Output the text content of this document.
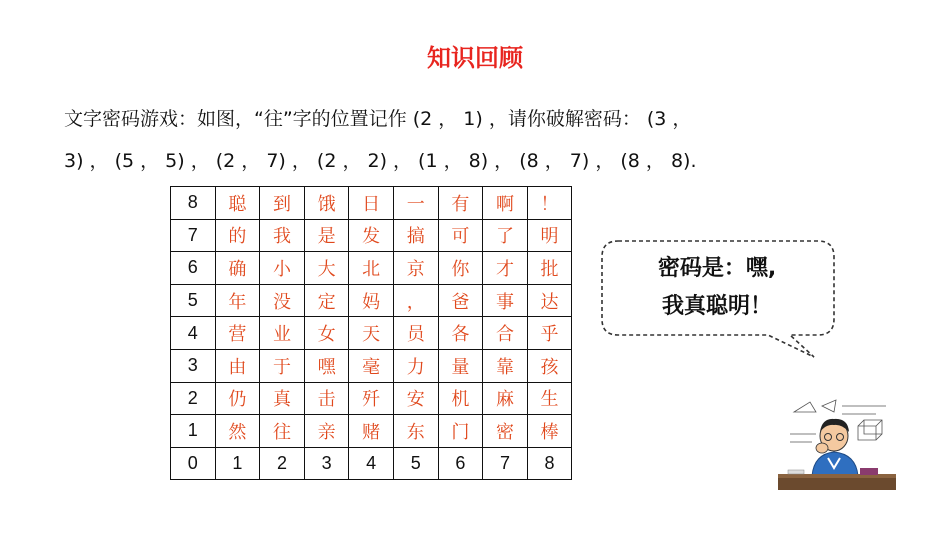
知识回顾
文字密码游戏：如图，“往”字的位置记作 (2 ， 1) ，请你破解密码： (3 ，
3) ， (5 ， 5) ， (2 ， 7) ， (2 ， 2) ， (1 ， 8) ， (8 ， 7) ， (8 ， 8).
8	聪	到	饿	日	一	有	啊	！
7	的	我	是	发	搞	可	了	明
6	确	小	大	北	京	你	才	批
5	年	没	定	妈	，	爸	事	达
4	营	业	女	天	员	各	合	乎
3	由	于	嘿	毫	力	量	靠	孩
2	仍	真	击	歼	安	机	麻	生
1	然	往	亲	赌	东	门	密	棒
0	1	2	3	4	5	6	7	8
密码是：嘿,
我真聪明！
